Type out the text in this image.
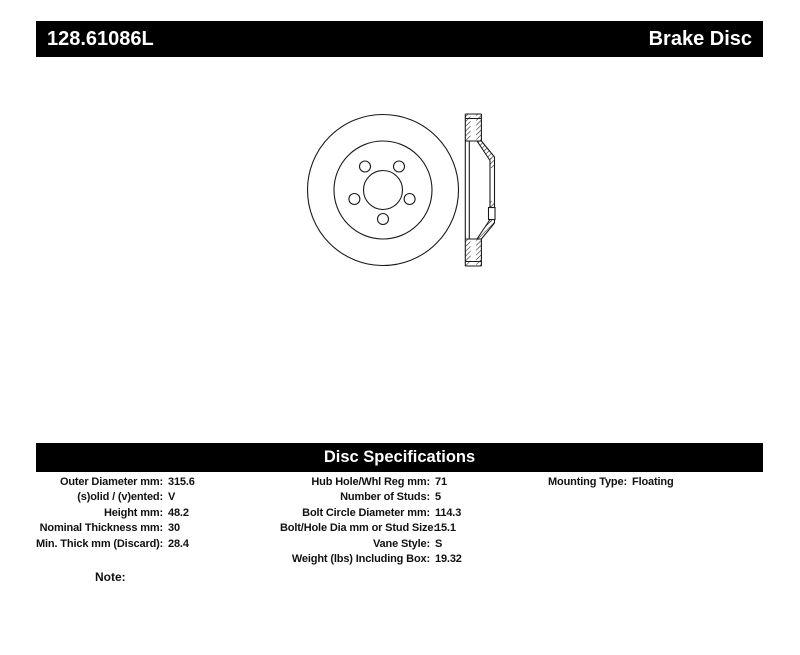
128.61086L	Brake Disc
Disc Specifications
Outer Diameter mm: 315.6
(s)olid / (v)ented: V
Height mm: 48.2
Nominal Thickness mm: 30
Min. Thick mm (Discard): 28.4
Hub Hole/Whl Reg mm: 71
Number of Studs: 5
Bolt Circle Diameter mm: 114.3
Bolt/Hole Dia mm or Stud Size:
15.1
Vane Style: S
Weight (lbs) Including Box: 19.32
Mounting Type: Floating
Note:
